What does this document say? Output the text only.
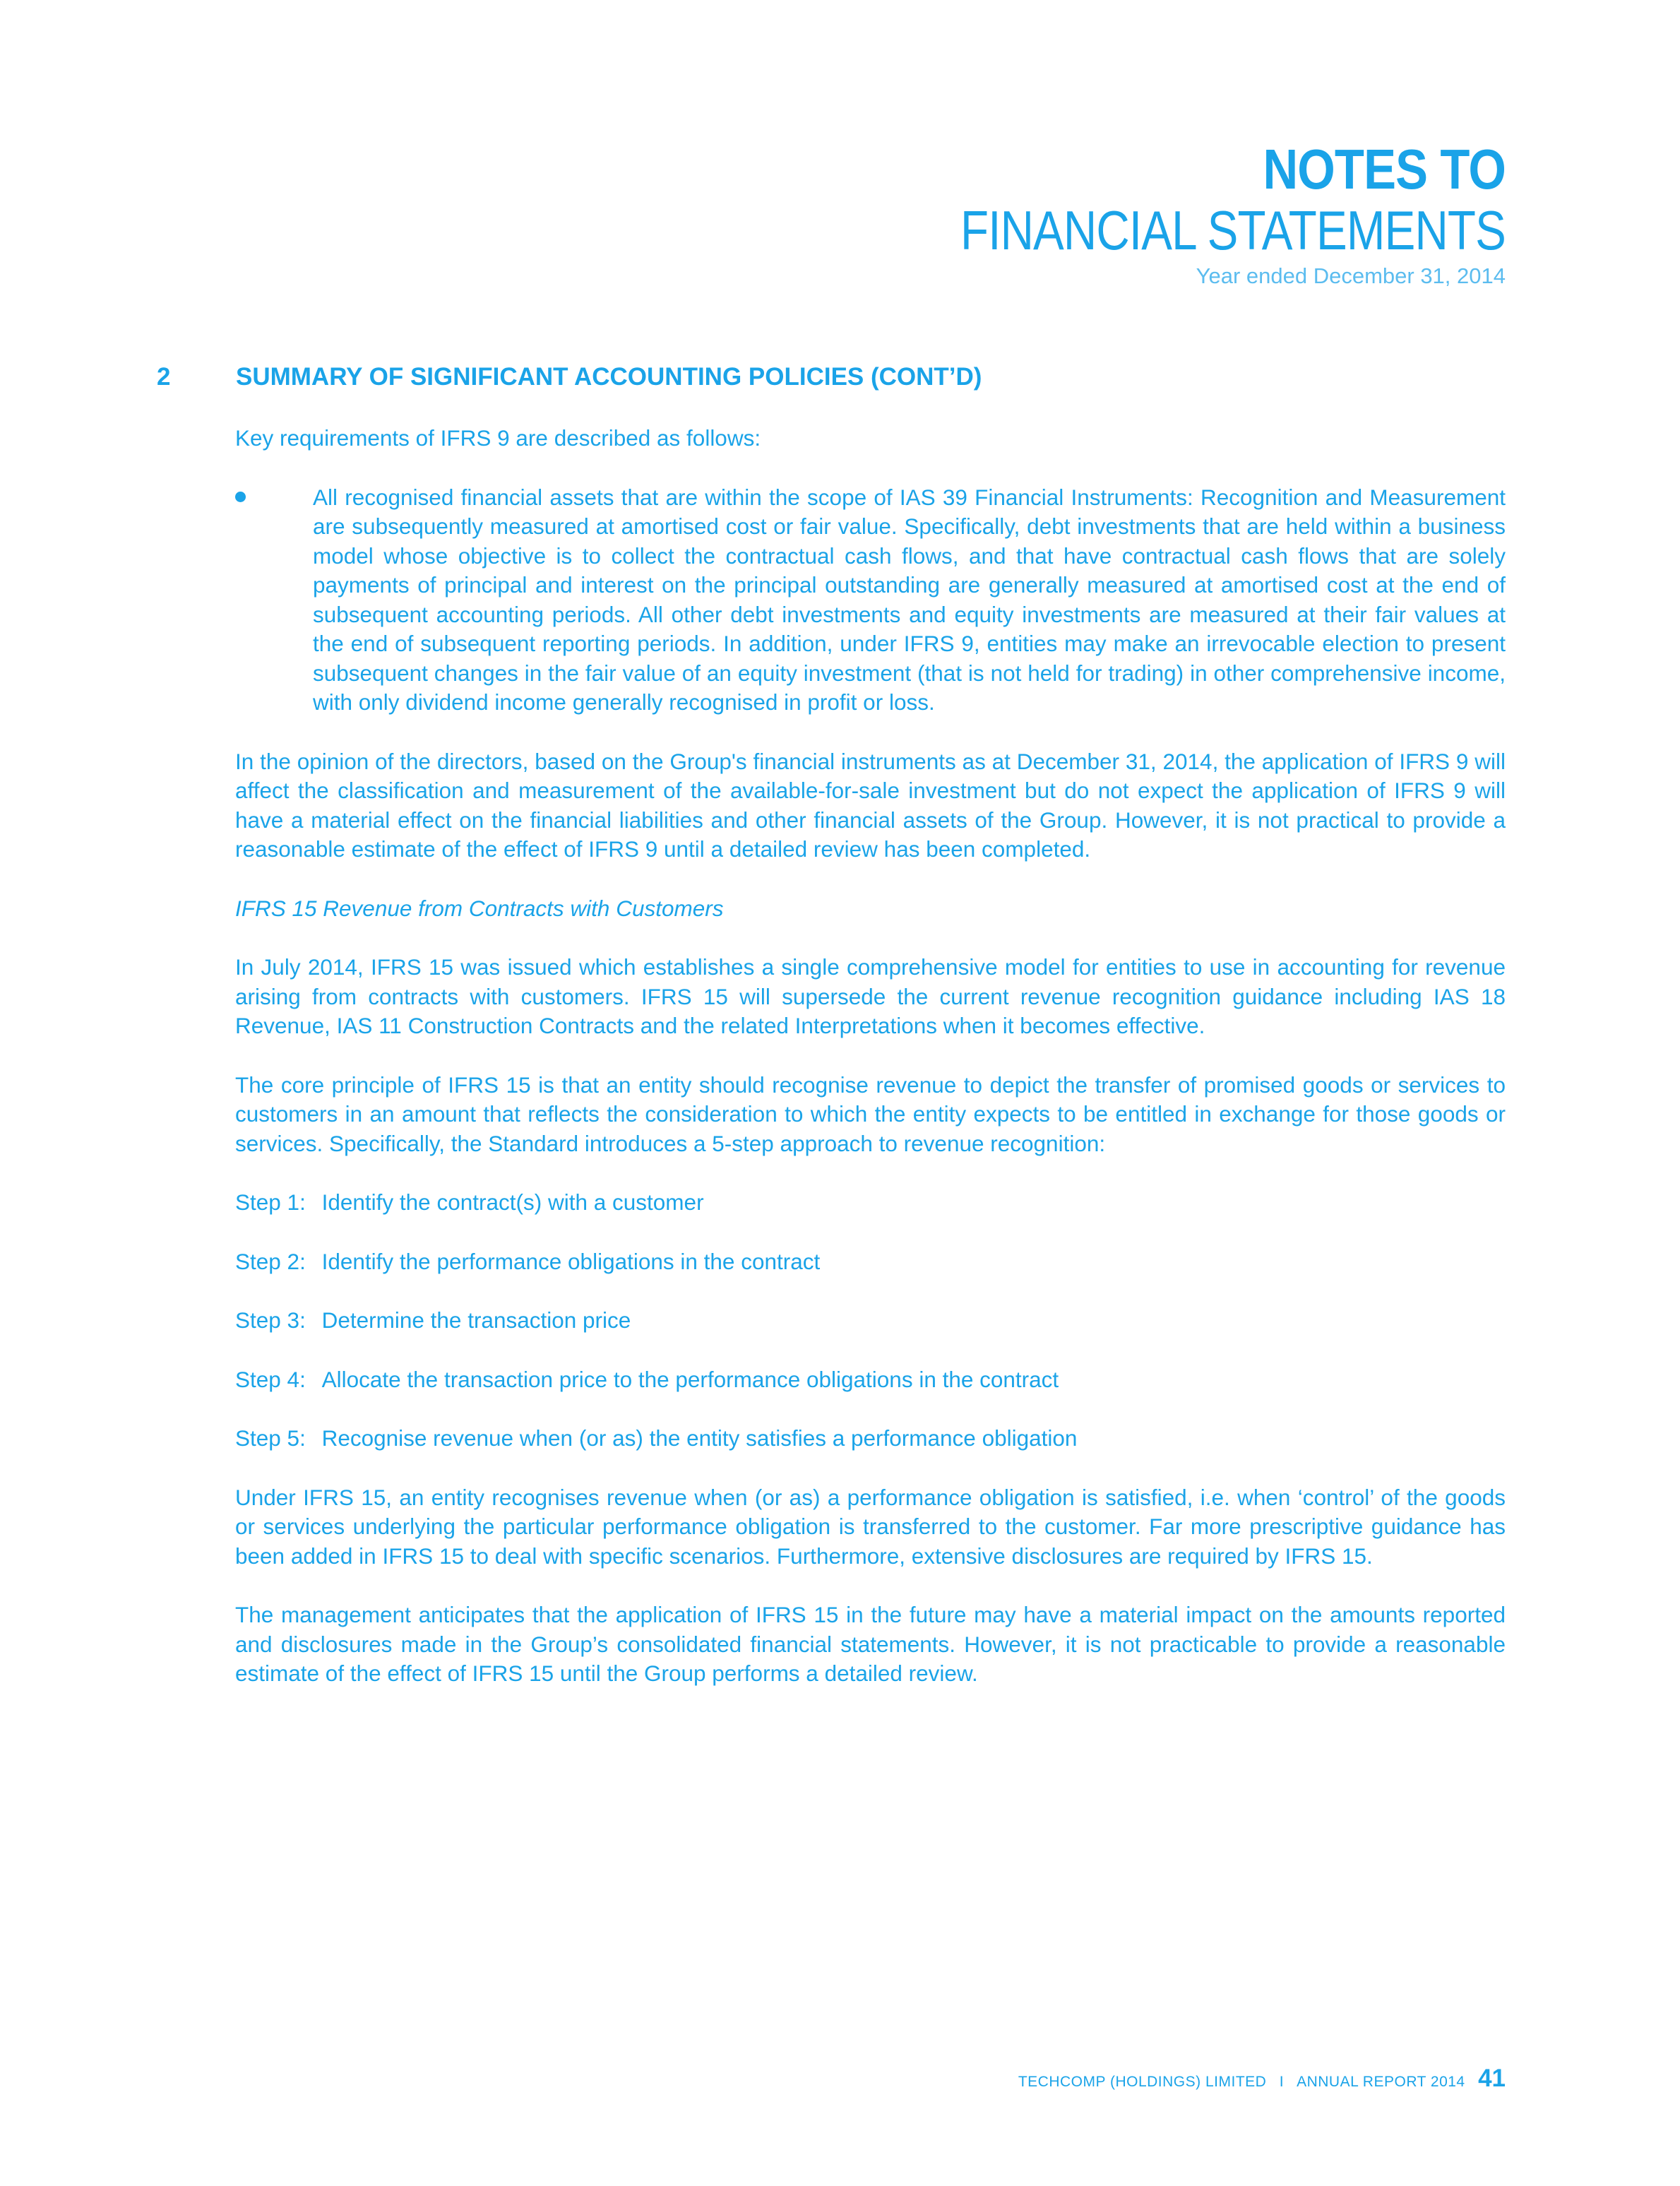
NOTES TO
FINANCIAL STATEMENTS
Year ended December 31, 2014
2	SUMMARY OF SIGNIFICANT ACCOUNTING POLICIES (CONT’D)

Key requirements of IFRS 9 are described as follows:

All recognised financial assets that are within the scope of IAS 39 Financial Instruments: Recognition and Measurement are subsequently measured at amortised cost or fair value. Specifically, debt investments that are held within a business model whose objective is to collect the contractual cash flows, and that have contractual cash flows that are solely payments of principal and interest on the principal outstanding are generally measured at amortised cost at the end of subsequent accounting periods. All other debt investments and equity investments are measured at their fair values at the end of subsequent reporting periods. In addition, under IFRS 9, entities may make an irrevocable election to present subsequent changes in the fair value of an equity investment (that is not held for trading) in other comprehensive income, with only dividend income generally recognised in profit or loss.

In the opinion of the directors, based on the Group's financial instruments as at December 31, 2014, the application of IFRS 9 will affect the classification and measurement of the available-for-sale investment but do not expect the application of IFRS 9 will have a material effect on the financial liabilities and other financial assets of the Group. However, it is not practical to provide a reasonable estimate of the effect of IFRS 9 until a detailed review has been completed.

IFRS 15 Revenue from Contracts with Customers

In July 2014, IFRS 15 was issued which establishes a single comprehensive model for entities to use in accounting for revenue arising from contracts with customers. IFRS 15 will supersede the current revenue recognition guidance including IAS 18 Revenue, IAS 11 Construction Contracts and the related Interpretations when it becomes effective.

The core principle of IFRS 15 is that an entity should recognise revenue to depict the transfer of promised goods or services to customers in an amount that reflects the consideration to which the entity expects to be entitled in exchange for those goods or services. Specifically, the Standard introduces a 5-step approach to revenue recognition:

Step 1: Identify the contract(s) with a customer
Step 2: Identify the performance obligations in the contract
Step 3: Determine the transaction price
Step 4: Allocate the transaction price to the performance obligations in the contract
Step 5: Recognise revenue when (or as) the entity satisfies a performance obligation

Under IFRS 15, an entity recognises revenue when (or as) a performance obligation is satisfied, i.e. when ‘control’ of the goods or services underlying the particular performance obligation is transferred to the customer. Far more prescriptive guidance has been added in IFRS 15 to deal with specific scenarios. Furthermore, extensive disclosures are required by IFRS 15.

The management anticipates that the application of IFRS 15 in the future may have a material impact on the amounts reported and disclosures made in the Group’s consolidated financial statements. However, it is not practicable to provide a reasonable estimate of the effect of IFRS 15 until the Group performs a detailed review.

TECHCOMP (HOLDINGS) LIMITED I ANNUAL REPORT 2014 41
